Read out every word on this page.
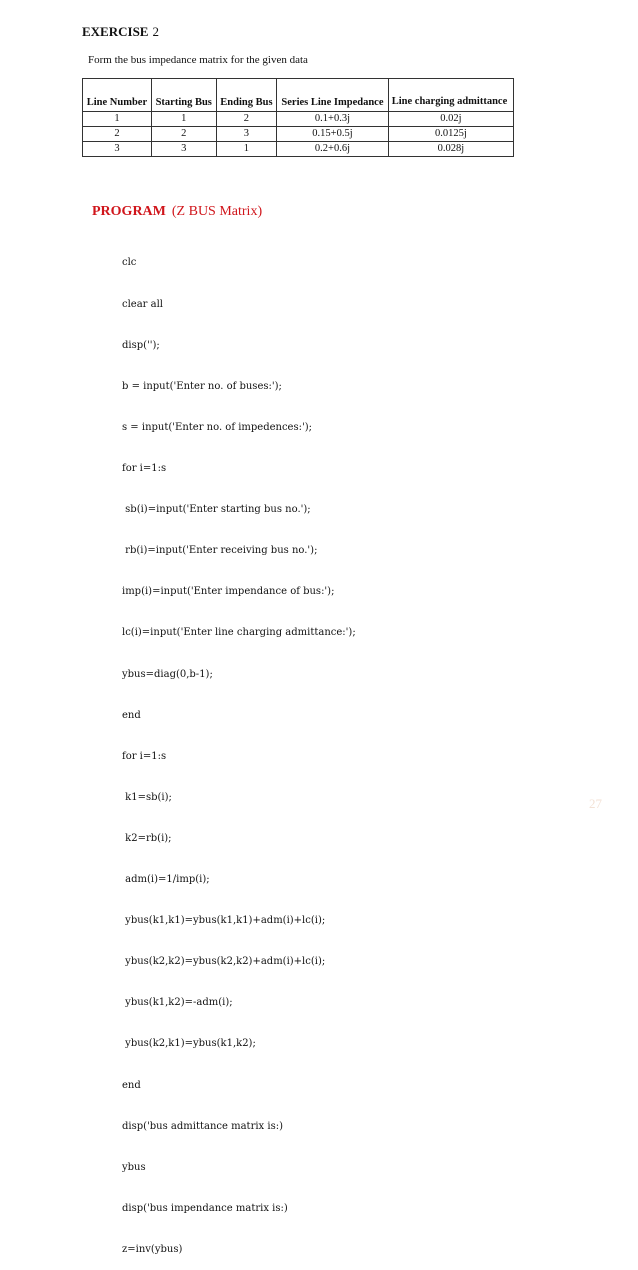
EXERCISE 2
Form the bus impedance matrix for the given data
Line Number	Starting Bus	Ending Bus	Series Line Impedance	Line charging admittance
1	1	2	0.1+0.3j	0.02j
2	2	3	0.15+0.5j	0.0125j
3	3	1	0.2+0.6j	0.028j
PROGRAM (Z BUS Matrix)

clc

clear all

disp('');

b = input('Enter no. of buses:');

s = input('Enter no. of impedences:');

for i=1:s

sb(i)=input('Enter starting bus no.');

rb(i)=input('Enter receiving bus no.');

imp(i)=input('Enter impendance of bus:');

lc(i)=input('Enter line charging admittance:');

ybus=diag(0,b-1);

end

for i=1:s

k1=sb(i);

k2=rb(i);

adm(i)=1/imp(i);

ybus(k1,k1)=ybus(k1,k1)+adm(i)+lc(i);

ybus(k2,k2)=ybus(k2,k2)+adm(i)+lc(i);

ybus(k1,k2)=-adm(i);

ybus(k2,k1)=ybus(k1,k2);

end

disp('bus admittance matrix is:)

ybus

disp('bus impendance matrix is:)

z=inv(ybus)

27
